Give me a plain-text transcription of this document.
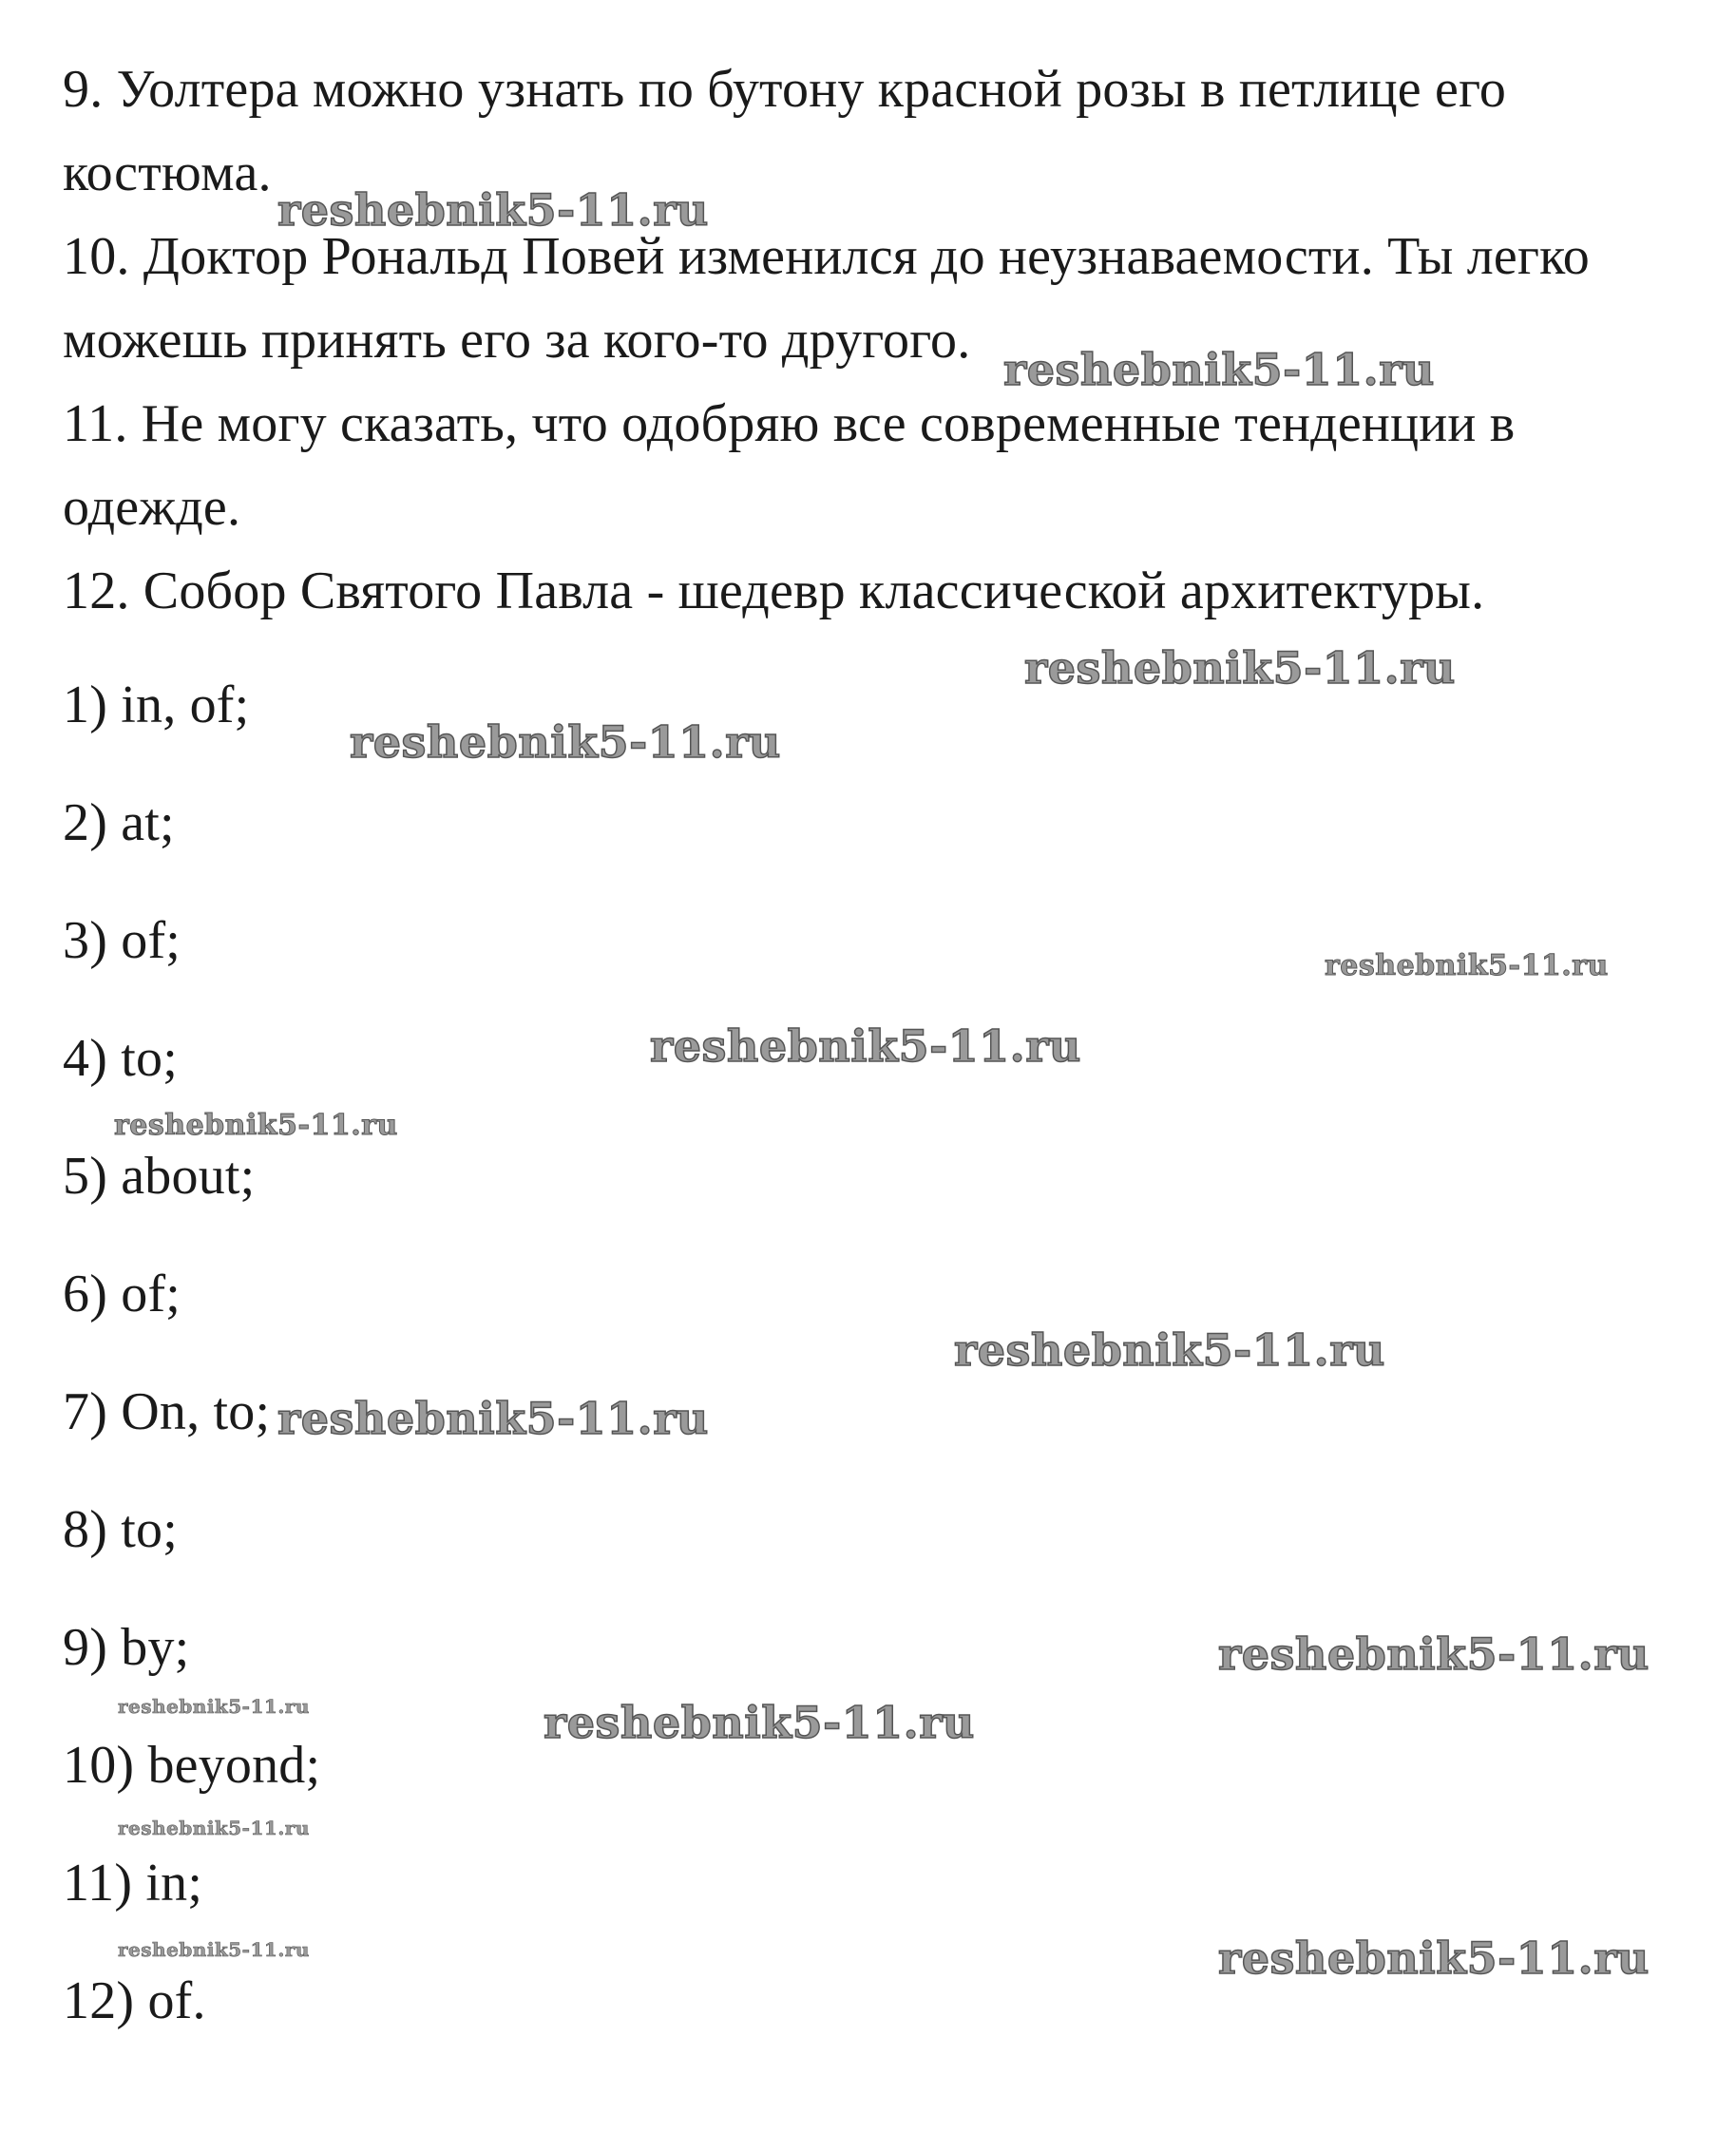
9. Уолтера можно узнать по бутону красной розы в петлице его
костюма.
10. Доктор Рональд Повей изменился до неузнаваемости. Ты легко
можешь принять его за кого-то другого.
11. Не могу сказать, что одобряю все современные тенденции в
одежде.
12. Собор Святого Павла - шедевр классической архитектуры.
1) in, of;
2) at;
3) of;
4) to;
5) about;
6) of;
7) On, to;
8) to;
9) by;
10) beyond;
11) in;
12) of.
reshebnik5-11.ru
reshebnik5-11.ru
reshebnik5-11.ru
reshebnik5-11.ru
reshebnik5-11.ru
reshebnik5-11.ru
reshebnik5-11.ru
reshebnik5-11.ru
reshebnik5-11.ru
reshebnik5-11.ru
reshebnik5-11.ru	reshebnik5-11.ru
reshebnik5-11.ru
reshebnik5-11.ru	reshebnik5-11.ru
